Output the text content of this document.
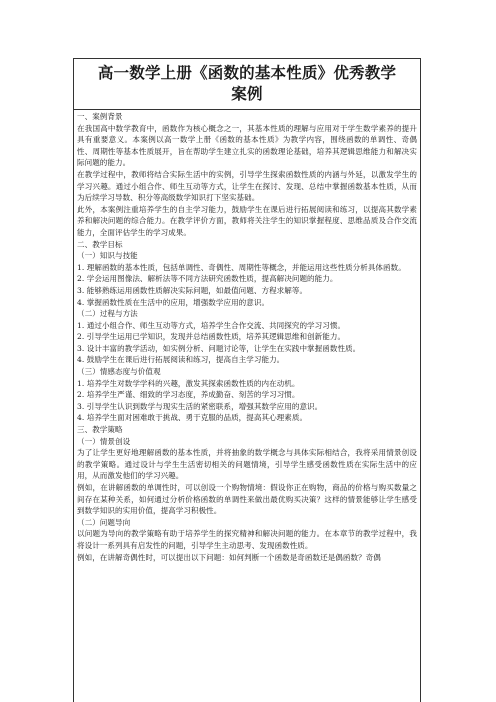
高一数学上册《函数的基本性质》优秀教学
案例

一、案例背景

在我国高中数学教育中，函数作为核心概念之一，其基本性质的理解与应用对于学生数学素养的提升具有重要意义。本案例以高一数学上册《函数的基本性质》为教学内容，围绕函数的单调性、奇偶性、周期性等基本性质展开，旨在帮助学生建立扎实的函数理论基础，培养其逻辑思维能力和解决实际问题的能力。

在教学过程中，教师将结合实际生活中的实例，引导学生探索函数性质的内涵与外延，以激发学生的学习兴趣。通过小组合作、师生互动等方式，让学生在探讨、发现、总结中掌握函数基本性质，从而为后续学习导数、积分等高级数学知识打下坚实基础。

此外，本案例注重培养学生的自主学习能力，鼓励学生在课后进行拓展阅读和练习，以提高其数学素养和解决问题的综合能力。在教学评价方面，教师将关注学生的知识掌握程度、思维品质及合作交流能力，全面评估学生的学习成果。

二、教学目标

（一）知识与技能

1. 理解函数的基本性质，包括单调性、奇偶性、周期性等概念，并能运用这些性质分析具体函数。

2. 学会运用图像法、解析法等不同方法研究函数性质，提高解决问题的能力。

3. 能够熟练运用函数性质解决实际问题，如最值问题、方程求解等。

4. 掌握函数性质在生活中的应用，增强数学应用的意识。

（二）过程与方法

1. 通过小组合作、师生互动等方式，培养学生合作交流、共同探究的学习习惯。

2. 引导学生运用已学知识，发现并总结函数性质，培养其逻辑思维和创新能力。

3. 设计丰富的教学活动，如实例分析、问题讨论等，让学生在实践中掌握函数性质。

4. 鼓励学生在课后进行拓展阅读和练习，提高自主学习能力。

（三）情感态度与价值观

1. 培养学生对数学学科的兴趣，激发其探索函数性质的内在动机。

2. 培养学生严谨、细致的学习态度，养成勤奋、刻苦的学习习惯。

3. 引导学生认识到数学与现实生活的紧密联系，增强其数学应用的意识。

4. 培养学生面对困难敢于挑战、勇于克服的品质，提高其心理素质。

三、教学策略

（一）情景创设

为了让学生更好地理解函数的基本性质，并将抽象的数学概念与具体实际相结合，我将采用情景创设的教学策略。通过设计与学生生活密切相关的问题情境，引导学生感受函数性质在实际生活中的应用，从而激发他们的学习兴趣。

例如，在讲解函数的单调性时，可以创设一个购物情境：假设你正在购物，商品的价格与购买数量之间存在某种关系，如何通过分析价格函数的单调性来做出最优购买决策？这样的情景能够让学生感受到数学知识的实用价值，提高学习积极性。

（二）问题导向

以问题为导向的教学策略有助于培养学生的探究精神和解决问题的能力。在本章节的教学过程中，我将设计一系列具有启发性的问题，引导学生主动思考、发现函数性质。

例如，在讲解奇偶性时，可以提出以下问题：如何判断一个函数是奇函数还是偶函数？奇偶
